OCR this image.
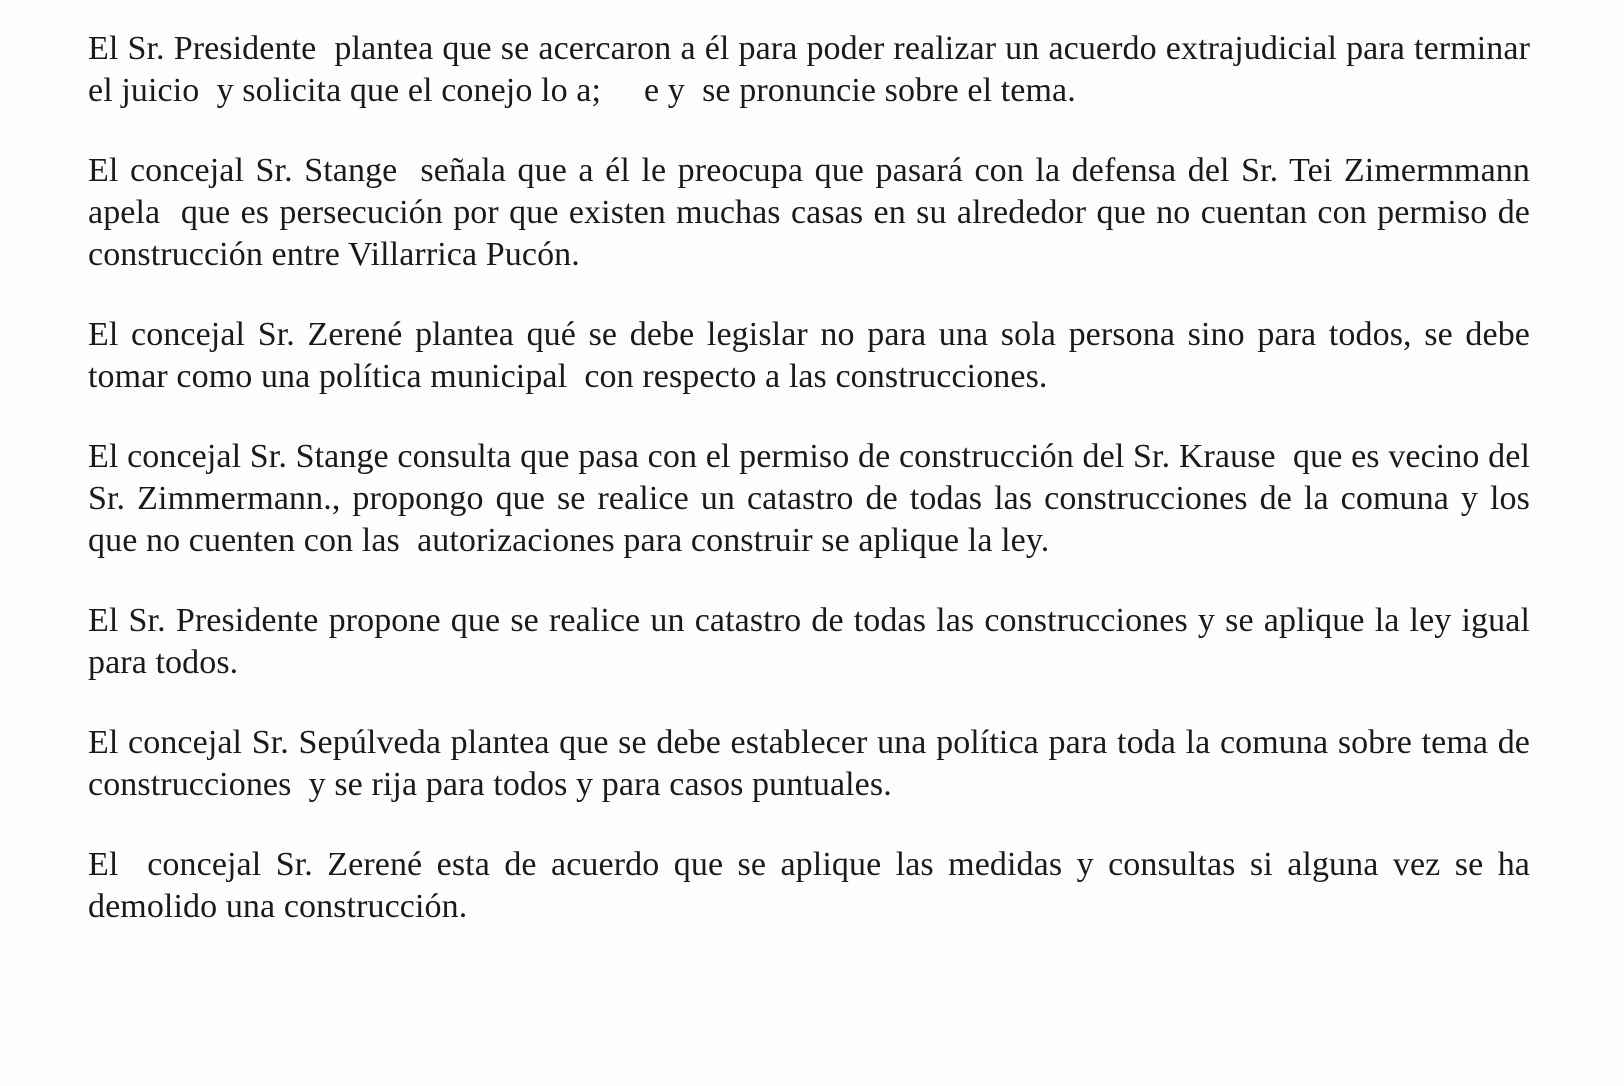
El Sr. Presidente  plantea que se acercaron a él para poder realizar un acuerdo extrajudicial para terminar el juicio  y solicita que el conejo lo a;     e y  se pronuncie sobre el tema.

El concejal Sr. Stange  señala que a él le preocupa que pasará con la defensa del Sr. Tei Zimermmann  apela  que es persecución por que existen muchas casas en su alrededor que no cuentan con permiso de construcción entre Villarrica Pucón.

El concejal Sr. Zerené plantea qué se debe legislar no para una sola persona sino para todos, se debe tomar como una política municipal  con respecto a las construcciones.

El concejal Sr. Stange consulta que pasa con el permiso de construcción del Sr. Krause  que es vecino del Sr. Zimmermann., propongo que se realice un catastro de todas las construcciones de la comuna y los que no cuenten con las  autorizaciones para construir se aplique la ley.

El Sr. Presidente propone que se realice un catastro de todas las construcciones y se aplique la ley igual para todos.

El concejal Sr. Sepúlveda plantea que se debe establecer una política para toda la comuna sobre tema de construcciones  y se rija para todos y para casos puntuales.

El  concejal Sr. Zerené esta de acuerdo que se aplique las medidas y consultas si alguna vez se ha demolido una construcción.
